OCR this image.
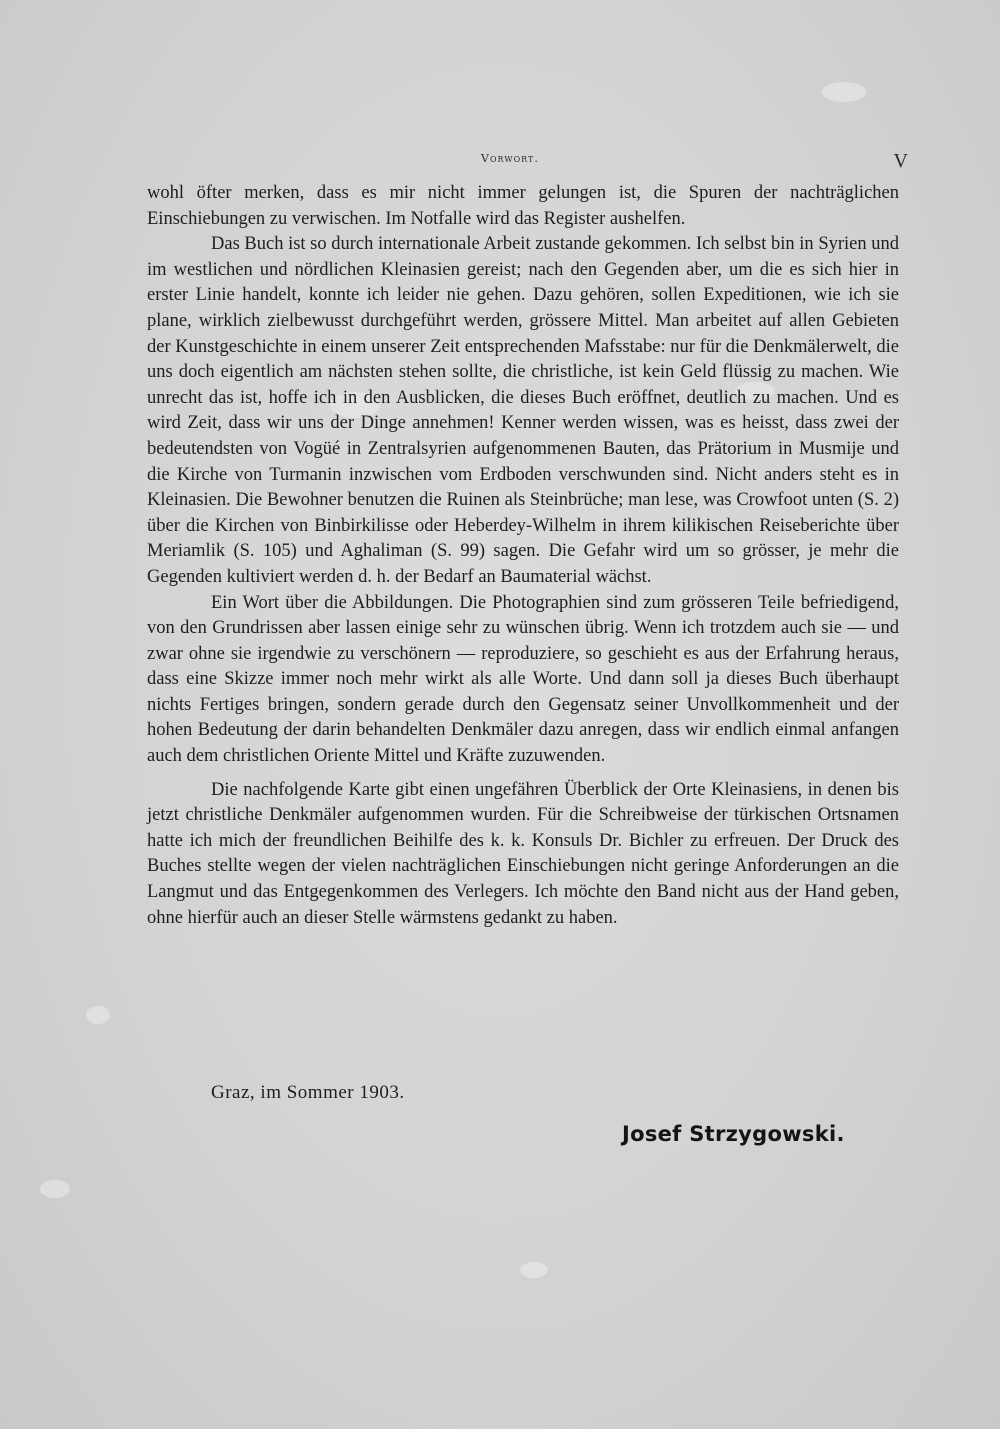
Vorwort.	V

wohl öfter merken, dass es mir nicht immer gelungen ist, die Spuren der nachträglichen Einschiebungen zu verwischen. Im Notfalle wird das Register aushelfen.

Das Buch ist so durch internationale Arbeit zustande gekommen. Ich selbst bin in Syrien und im westlichen und nördlichen Kleinasien gereist; nach den Gegenden aber, um die es sich hier in erster Linie handelt, konnte ich leider nie gehen. Dazu gehören, sollen Expeditionen, wie ich sie plane, wirklich zielbewusst durchgeführt werden, grössere Mittel. Man arbeitet auf allen Gebieten der Kunstgeschichte in einem unserer Zeit entsprechenden Mafsstabe: nur für die Denkmälerwelt, die uns doch eigentlich am nächsten stehen sollte, die christliche, ist kein Geld flüssig zu machen. Wie unrecht das ist, hoffe ich in den Ausblicken, die dieses Buch eröffnet, deutlich zu machen. Und es wird Zeit, dass wir uns der Dinge annehmen! Kenner werden wissen, was es heisst, dass zwei der bedeutendsten von Vogüé in Zentralsyrien aufgenommenen Bauten, das Prätorium in Musmije und die Kirche von Turmanin inzwischen vom Erdboden verschwunden sind. Nicht anders steht es in Kleinasien. Die Bewohner benutzen die Ruinen als Steinbrüche; man lese, was Crowfoot unten (S. 2) über die Kirchen von Binbirkilisse oder Heberdey-Wilhelm in ihrem kilikischen Reiseberichte über Meriamlik (S. 105) und Aghaliman (S. 99) sagen. Die Gefahr wird um so grösser, je mehr die Gegenden kultiviert werden d. h. der Bedarf an Baumaterial wächst.

Ein Wort über die Abbildungen. Die Photographien sind zum grösseren Teile befriedigend, von den Grundrissen aber lassen einige sehr zu wünschen übrig. Wenn ich trotzdem auch sie — und zwar ohne sie irgendwie zu verschönern — reproduziere, so geschieht es aus der Erfahrung heraus, dass eine Skizze immer noch mehr wirkt als alle Worte. Und dann soll ja dieses Buch überhaupt nichts Fertiges bringen, sondern gerade durch den Gegensatz seiner Unvollkommenheit und der hohen Bedeutung der darin behandelten Denkmäler dazu anregen, dass wir endlich einmal anfangen auch dem christlichen Oriente Mittel und Kräfte zuzuwenden.

Die nachfolgende Karte gibt einen ungefähren Überblick der Orte Kleinasiens, in denen bis jetzt christliche Denkmäler aufgenommen wurden. Für die Schreibweise der türkischen Ortsnamen hatte ich mich der freundlichen Beihilfe des k. k. Konsuls Dr. Bichler zu erfreuen. Der Druck des Buches stellte wegen der vielen nachträglichen Einschiebungen nicht geringe Anforderungen an die Langmut und das Entgegenkommen des Verlegers. Ich möchte den Band nicht aus der Hand geben, ohne hierfür auch an dieser Stelle wärmstens gedankt zu haben.

Graz, im Sommer 1903.
Josef Strzygowski.
